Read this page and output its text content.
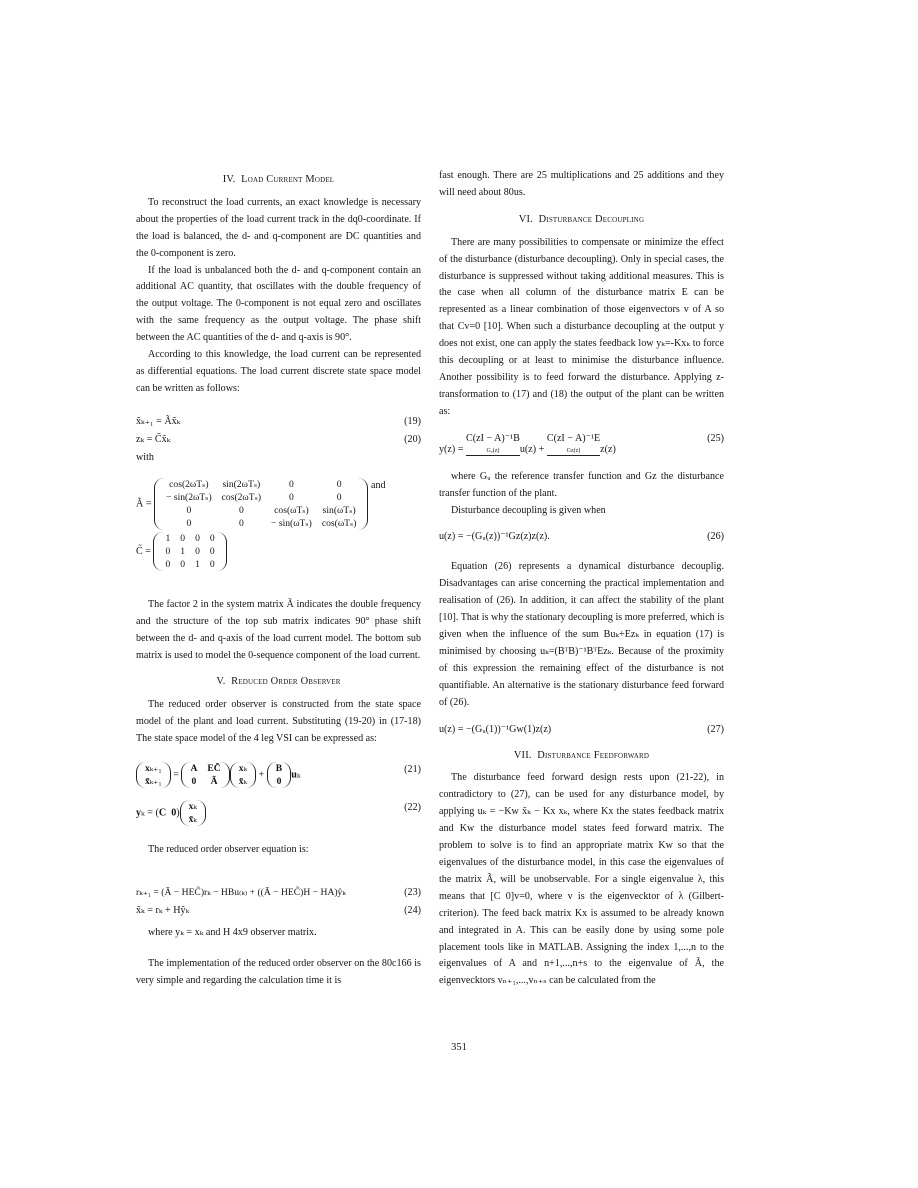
IV. Load Current Model

To reconstruct the load currents, an exact knowledge is necessary about the properties of the load current track in the dq0-coordinate. If the load is balanced, the d- and q-component are DC quantities and the 0-component is zero.

If the load is unbalanced both the d- and q-component contain an additional AC quantity, that oscillates with the double frequency of the output voltage. The 0-component is not equal zero and oscillates with the same frequency as the output voltage. The phase shift between the AC quantities of the d- and q-axis is 90°.

According to this knowledge, the load current can be represented as differential equations. The load current discrete state space model can be written as follows:

x̃ₖ₊₁ = Ãx̃ₖ	(19)
zₖ = C̃x̃ₖ	(20)
with
Ã =
cos(2ωTₛ)	sin(2ωTₛ)	0	0
− sin(2ωTₛ)	cos(2ωTₛ)	0	0
0	0	cos(ωTₛ)	sin(ωTₛ)
0	0	− sin(ωTₛ)	cos(ωTₛ)
and
C̃ =
1	0	0	0
0	1	0	0
0	0	1	0

The factor 2 in the system matrix Ã indicates the double frequency and the structure of the top sub matrix indicates 90° phase shift between the d- and q-axis of the load current model. The bottom sub matrix is used to model the 0-sequence component of the load current.

V. Reduced Order Observer

The reduced order observer is constructed from the state space model of the plant and load current. Substituting (19-20) in (17-18) The state space model of the 4 leg VSI can be expressed as:

xₖ₊₁
x̃ₖ₊₁
=
A	EC̃
0	Ã
xₖ
x̃ₖ
+
B
0
uₖ	(21)
yₖ = (C 0)
xₖ
x̃ₖ
(22)

The reduced order observer equation is:

rₖ₊₁ = (Ã − HEC̃)rₖ − HBu₍ₖ₎ + ((Ã − HEC̃)H − HA)ŷₖ	(23)
x̃ₖ = rₖ + Hŷₖ	(24)

where yₖ = xₖ and H 4x9 observer matrix.

The implementation of the reduced order observer on the 80c166 is very simple and regarding the calculation time it is

fast enough. There are 25 multiplications and 25 additions and they will need about 80us.

VI. Disturbance Decoupling

There are many possibilities to compensate or minimize the effect of the disturbance (disturbance decoupling). Only in special cases, the disturbance is suppressed without taking additional measures. This is the case when all column of the disturbance matrix E can be represented as a linear combination of those eigenvectors v of A so that Cv=0 [10]. When such a disturbance decoupling at the output y does not exist, one can apply the states feedback low yₖ=-Kxₖ to force this decoupling or at least to minimise the disturbance influence. Another possibility is to feed forward the disturbance. Applying z-transformation to (17) and (18) the output of the plant can be written as:

y(z) = C(zI − A)⁻¹B
Gᵤ(z)	u(z) + C(zI − A)⁻¹E
Gz(z)	z(z)
(25)

where Gᵤ the reference transfer function and Gz the disturbance transfer function of the plant.

Disturbance decoupling is given when

u(z) = −(Gᵤ(z))⁻¹Gz(z)z(z).	(26)

Equation (26) represents a dynamical disturbance decouplig. Disadvantages can arise concerning the practical implementation and realisation of (26). In addition, it can affect the stability of the plant [10]. That is why the stationary decoupling is more preferred, which is given when the influence of the sum Buₖ+Ezₖ in equation (17) is minimised by choosing uₖ=(BᵀB)⁻¹BᵀEzₖ. Because of the proximity of this expression the remaining effect of the disturbance is not quantifiable. An alternative is the stationary disturbance feed forward of (26).

u(z) = −(Gᵤ(1))⁻¹Gw(1)z(z)	(27)
VII. Disturbance Feedforward

The disturbance feed forward design rests upon (21-22), in contradictory to (27), can be used for any disturbance model, by applying uₖ = −Kw x̃ₖ − Kx xₖ, where Kx the states feedback matrix and Kw the disturbance model states feed forward matrix. The problem to solve is to find an appropriate matrix Kw so that the eigenvalues of the disturbance model, in this case the eigenvalues of the matrix Ã, will be unobservable. For a single eigenvalue λ, this means that [C 0]v=0, where v is the eigenvecktor of λ (Gilbert-criterion). The feed back matrix Kx is assumed to be already known and integrated in A. This can be easily done by using some pole placement tools like in MATLAB. Assigning the index 1,...,n to the eigenvalues of A and n+1,...,n+s to the eigenvalue of Ã, the eigenvecktors vₙ₊₁,...,vₙ₊ₛ can be calculated from the

351
